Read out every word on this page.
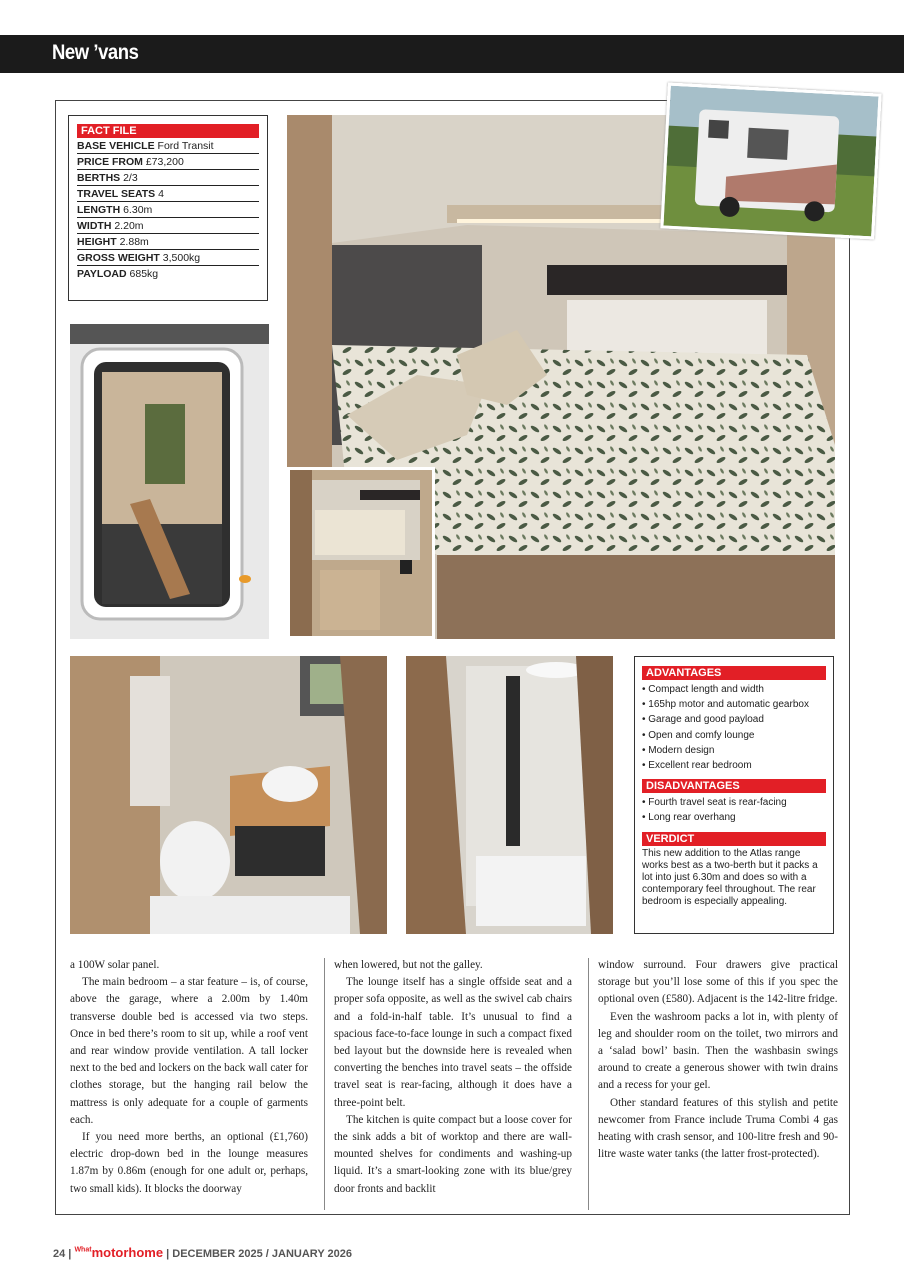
New ’vans
FACT FILE
BASE VEHICLE Ford Transit
PRICE FROM £73,200
BERTHS 2/3
TRAVEL SEATS 4
LENGTH 6.30m
WIDTH 2.20m
HEIGHT 2.88m
GROSS WEIGHT 3,500kg
PAYLOAD 685kg
ADVANTAGES
• Compact length and width
• 165hp motor and automatic gearbox
• Garage and good payload
• Open and comfy lounge
• Modern design
• Excellent rear bedroom
DISADVANTAGES
• Fourth travel seat is rear-facing
• Long rear overhang
VERDICT
This new addition to the Atlas range works best as a two-berth but it packs a lot into just 6.30m and does so with a contemporary feel throughout. The rear bedroom is especially appealing.

a 100W solar panel.

The main bedroom – a star feature – is, of course, above the garage, where a 2.00m by 1.40m transverse double bed is accessed via two steps. Once in bed there’s room to sit up, while a roof vent and rear window provide ventilation. A tall locker next to the bed and lockers on the back wall cater for clothes storage, but the hanging rail below the mattress is only adequate for a couple of garments each.

If you need more berths, an optional (£1,760) electric drop-down bed in the lounge measures 1.87m by 0.86m (enough for one adult or, perhaps, two small kids). It blocks the doorway

when lowered, but not the galley.

The lounge itself has a single offside seat and a proper sofa opposite, as well as the swivel cab chairs and a fold-in-half table. It’s unusual to find a spacious face-to-face lounge in such a compact fixed bed layout but the downside here is revealed when converting the benches into travel seats – the offside travel seat is rear-facing, although it does have a three-point belt.

The kitchen is quite compact but a loose cover for the sink adds a bit of worktop and there are wall-mounted shelves for condiments and washing-up liquid. It’s a smart-looking zone with its blue/grey door fronts and backlit

window surround. Four drawers give practical storage but you’ll lose some of this if you spec the optional oven (£580). Adjacent is the 142-litre fridge.

Even the washroom packs a lot in, with plenty of leg and shoulder room on the toilet, two mirrors and a ‘salad bowl’ basin. Then the washbasin swings around to create a generous shower with twin drains and a recess for your gel.

Other standard features of this stylish and petite newcomer from France include Truma Combi 4 gas heating with crash sensor, and 100-litre fresh and 90-litre waste water tanks (the latter frost-protected).

24 | $^{What}$motorhome | DECEMBER 2025 / JANUARY 2026
